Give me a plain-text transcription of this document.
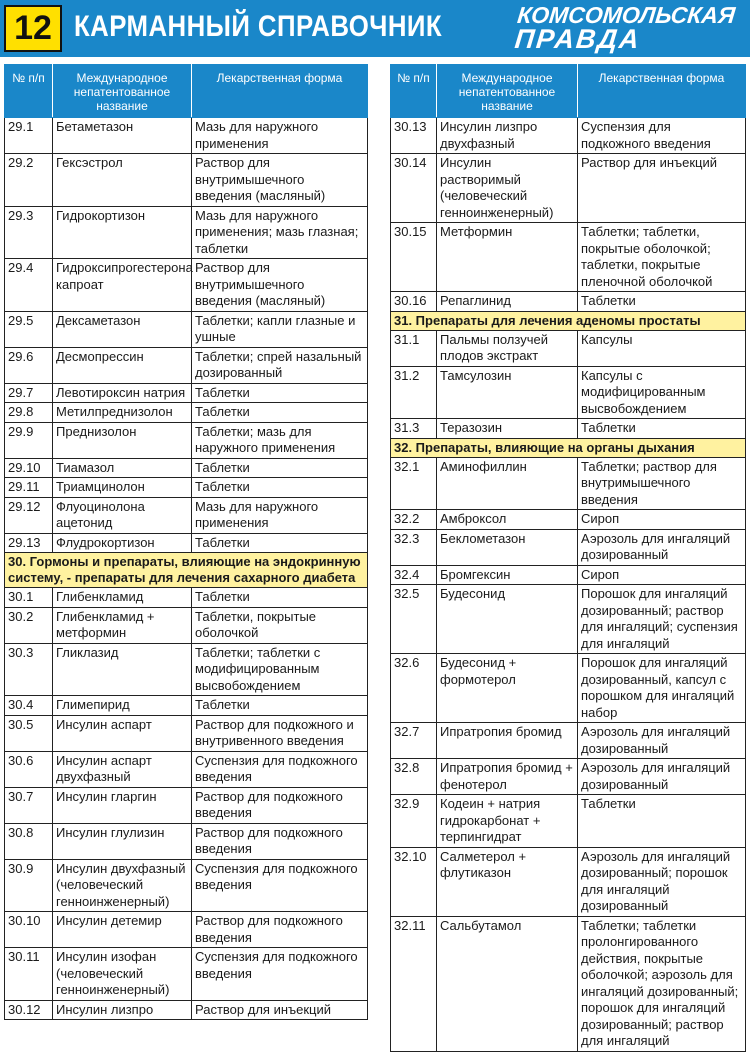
12 КАРМАННЫЙ СПРАВОЧНИК	КОМСОМОЛЬСКАЯ
ПРАВДА
№ п/п	Международное непатентованное название	Лекарственная форма
29.1	Бетаметазон	Мазь для наружного применения
29.2	Гексэстрол	Раствор для внутримышечного введения (масляный)
29.3	Гидрокортизон	Мазь для наружного применения; мазь глазная; таблетки
29.4	Гидроксипрогестерона капроат	Раствор для внутримышечного введения (масляный)
29.5	Дексаметазон	Таблетки; капли глазные и ушные
29.6	Десмопрессин	Таблетки; спрей назальный дозированный
29.7	Левотироксин натрия	Таблетки
29.8	Метилпреднизолон	Таблетки
29.9	Преднизолон	Таблетки; мазь для наружного применения
29.10	Тиамазол	Таблетки
29.11	Триамцинолон	Таблетки
29.12	Флуоцинолона ацетонид	Мазь для наружного применения
29.13	Флудрокортизон	Таблетки
30. Гормоны и препараты, влияющие на эндокринную систему, - препараты для лечения сахарного диабета		
30.1	Глибенкламид	Таблетки
30.2	Глибенкламид + метформин	Таблетки, покрытые оболочкой
30.3	Гликлазид	Таблетки; таблетки с модифицированным высвобождением
30.4	Глимепирид	Таблетки
30.5	Инсулин аспарт	Раствор для подкожного и внутривенного введения
30.6	Инсулин аспарт двухфазный	Суспензия для подкожного введения
30.7	Инсулин гларгин	Раствор для подкожного введения
30.8	Инсулин глулизин	Раствор для подкожного введения
30.9	Инсулин двухфазный (человеческий генноинженерный)	Суспензия для подкожного введения
30.10	Инсулин детемир	Раствор для подкожного введения
30.11	Инсулин изофан (человеческий генноинженерный)	Суспензия для подкожного введения
30.12	Инсулин лизпро	Раствор для инъекций
№ п/п	Международное непатентованное название	Лекарственная форма
30.13	Инсулин лизпро двухфазный	Суспензия для подкожного введения
30.14	Инсулин растворимый (человеческий генноинженерный)	Раствор для инъекций
30.15	Метформин	Таблетки; таблетки, покрытые оболочкой; таблетки, покрытые пленочной оболочкой
30.16	Репаглинид	Таблетки
31. Препараты для лечения аденомы простаты		
31.1	Пальмы ползучей плодов экстракт	Капсулы
31.2	Тамсулозин	Капсулы с модифицированным высвобождением
31.3	Теразозин	Таблетки
32. Препараты, влияющие на органы дыхания		
32.1	Аминофиллин	Таблетки; раствор для внутримышечного введения
32.2	Амброксол	Сироп
32.3	Беклометазон	Аэрозоль для ингаляций дозированный
32.4	Бромгексин	Сироп
32.5	Будесонид	Порошок для ингаляций дозированный; раствор для ингаляций; суспензия для ингаляций
32.6	Будесонид + формотерол	Порошок для ингаляций дозированный, капсул с порошком для ингаляций набор
32.7	Ипратропия бромид	Аэрозоль для ингаляций дозированный
32.8	Ипратропия бромид + фенотерол	Аэрозоль для ингаляций дозированный
32.9	Кодеин + натрия гидрокарбонат + терпингидрат	Таблетки
32.10	Салметерол + флутиказон	Аэрозоль для ингаляций дозированный; порошок для ингаляций дозированный
32.11	Сальбутамол	Таблетки; таблетки пролонгированного действия, покрытые оболочкой; аэрозоль для ингаляций дозированный; порошок для ингаляций дозированный; раствор для ингаляций
